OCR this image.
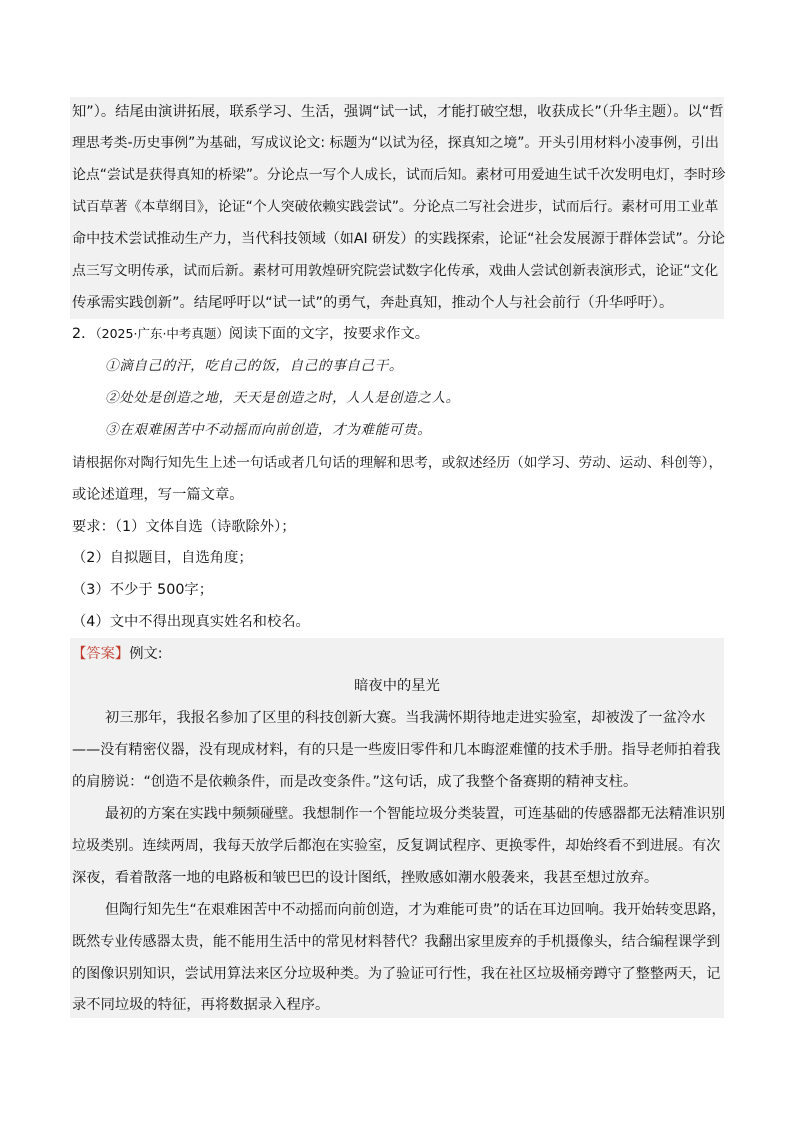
知”）。结尾由演讲拓展，联系学习、生活，强调“试一试，才能打破空想，收获成长”（升华主题）。以“哲
理思考类-历史事例”为基础，写成议论文: 标题为“以试为径，探真知之境”。开头引用材料小凌事例，引出
论点“尝试是获得真知的桥梁”。分论点一写个人成长，试而后知。素材可用爱迪生试千次发明电灯，李时珍
试百草著《本草纲目》，论证“个人突破依赖实践尝试”。分论点二写社会进步，试而后行。素材可用工业革
命中技术尝试推动生产力，当代科技领域（如AI 研发）的实践探索，论证“社会发展源于群体尝试”。分论
点三写文明传承，试而后新。素材可用敦煌研究院尝试数字化传承，戏曲人尝试创新表演形式，论证“文化
传承需实践创新”。结尾呼吁以“试一试”的勇气，奔赴真知，推动个人与社会前行（升华呼吁）。
2．（2025·广东·中考真题）阅读下面的文字，按要求作文。
①滴自己的汗，吃自己的饭，自己的事自己干。
②处处是创造之地，天天是创造之时，人人是创造之人。
③在艰难困苦中不动摇而向前创造，才为难能可贵。
请根据你对陶行知先生上述一句话或者几句话的理解和思考，或叙述经历（如学习、劳动、运动、科创等），
或论述道理，写一篇文章。
要求：（1）文体自选（诗歌除外）；
（2）自拟题目，自选角度；
（3）不少于 500字；
（4）文中不得出现真实姓名和校名。
【答案】例文:
暗夜中的星光
初三那年，我报名参加了区里的科技创新大赛。当我满怀期待地走进实验室，却被泼了一盆冷水
——没有精密仪器，没有现成材料，有的只是一些废旧零件和几本晦涩难懂的技术手册。指导老师拍着我
的肩膀说：“创造不是依赖条件，而是改变条件。”这句话，成了我整个备赛期的精神支柱。
最初的方案在实践中频频碰壁。我想制作一个智能垃圾分类装置，可连基础的传感器都无法精准识别
垃圾类别。连续两周，我每天放学后都泡在实验室，反复调试程序、更换零件，却始终看不到进展。有次
深夜，看着散落一地的电路板和皱巴巴的设计图纸，挫败感如潮水般袭来，我甚至想过放弃。
但陶行知先生“在艰难困苦中不动摇而向前创造，才为难能可贵”的话在耳边回响。我开始转变思路，
既然专业传感器太贵，能不能用生活中的常见材料替代？我翻出家里废弃的手机摄像头，结合编程课学到
的图像识别知识，尝试用算法来区分垃圾种类。为了验证可行性，我在社区垃圾桶旁蹲守了整整两天，记
录不同垃圾的特征，再将数据录入程序。
